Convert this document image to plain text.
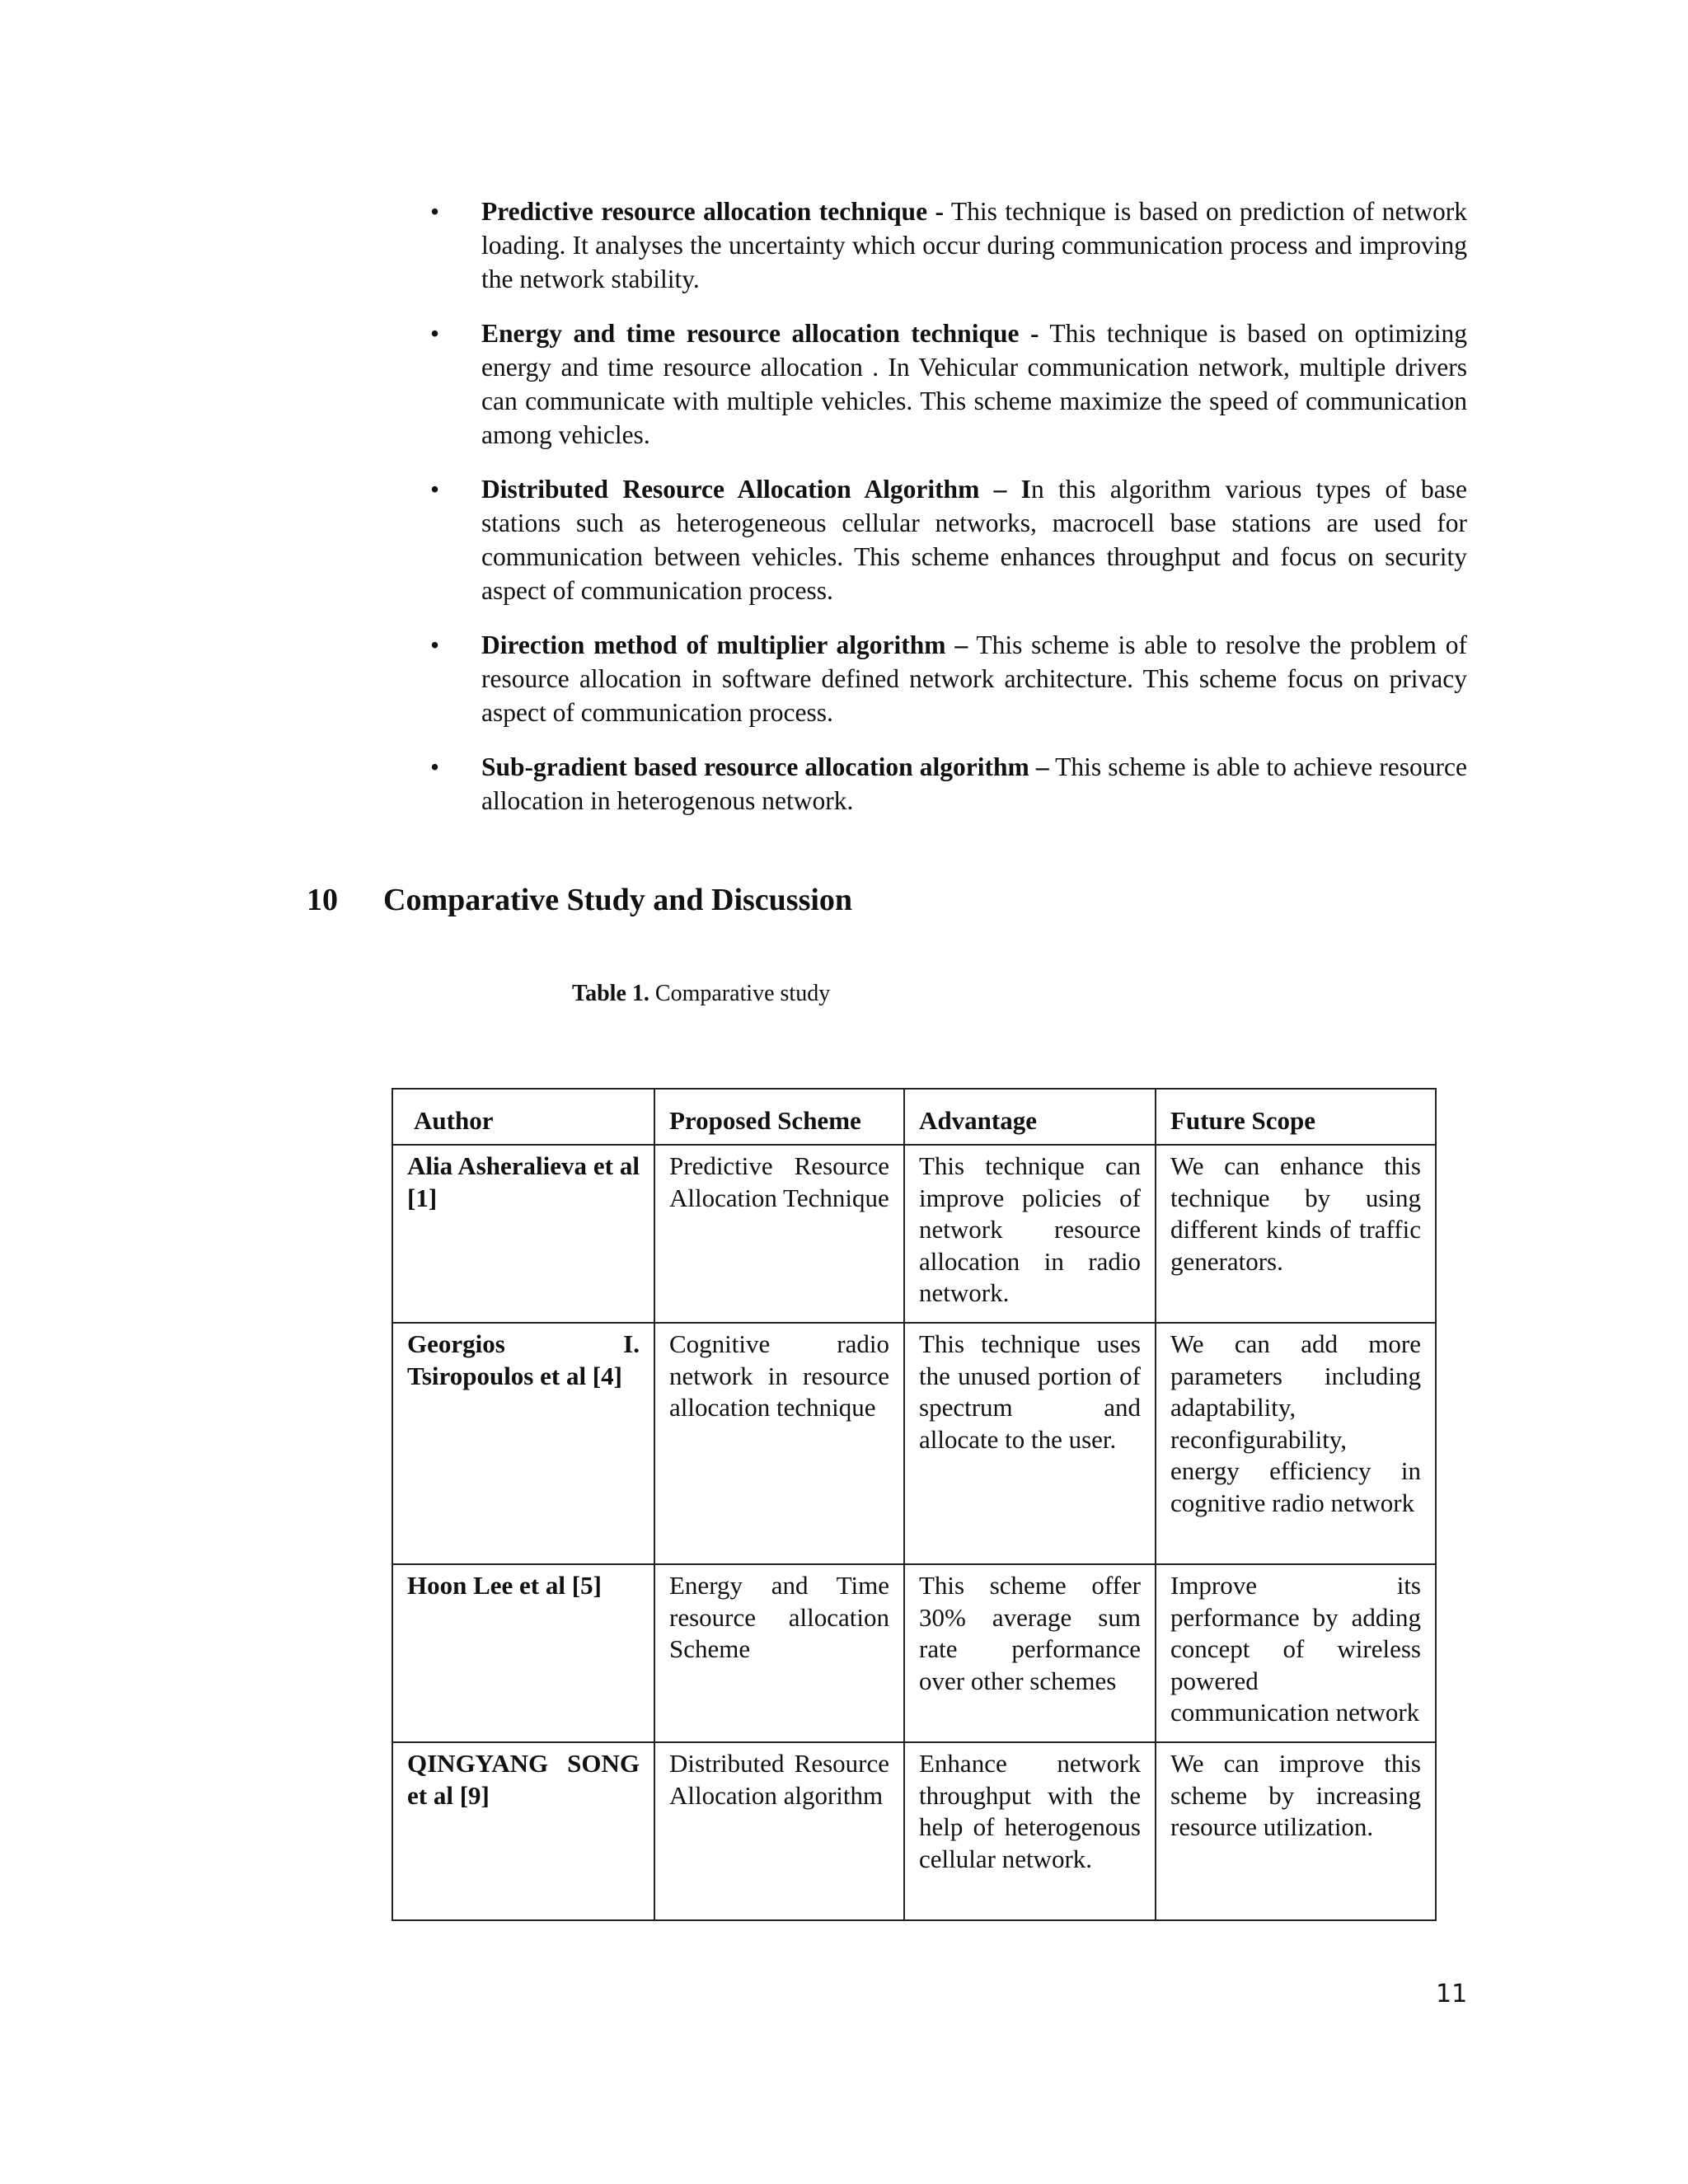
• Predictive resource allocation technique - This technique is based on prediction of network loading. It analyses the uncertainty which occur during communication process and improving the network stability.
• Energy and time resource allocation technique - This technique is based on optimizing energy and time resource allocation . In Vehicular communication network, multiple drivers can communicate with multiple vehicles. This scheme maximize the speed of communication among vehicles.
• Distributed Resource Allocation Algorithm – In this algorithm various types of base stations such as heterogeneous cellular networks, macrocell base stations are used for communication between vehicles. This scheme enhances throughput and focus on security aspect of communication process.
• Direction method of multiplier algorithm – This scheme is able to resolve the problem of resource allocation in software defined network architecture. This scheme focus on privacy aspect of communication process.
• Sub-gradient based resource allocation algorithm – This scheme is able to achieve resource allocation in heterogenous network.
10 Comparative Study and Discussion
Table 1. Comparative study
Author	Proposed Scheme	Advantage	Future Scope
Alia Asheralieva et al [1]	Predictive Resource Allocation Technique	This technique can improve policies of network resource allocation in radio network.	We can enhance this technique by using different kinds of traffic generators.
Georgios I. Tsiropoulos et al [4]	Cognitive radio network in resource allocation technique	This technique uses the unused portion of spectrum and allocate to the user.	We can add more parameters including adaptability, reconfigurability, energy efficiency in cognitive radio network
Hoon Lee et al [5]	Energy and Time resource allocation Scheme	This scheme offer 30% average sum rate performance over other schemes	Improve its performance by adding concept of wireless powered communication network
QINGYANG SONG et al [9]	Distributed Resource Allocation algorithm	Enhance network throughput with the help of heterogenous cellular network.	We can improve this scheme by increasing resource utilization.
11
